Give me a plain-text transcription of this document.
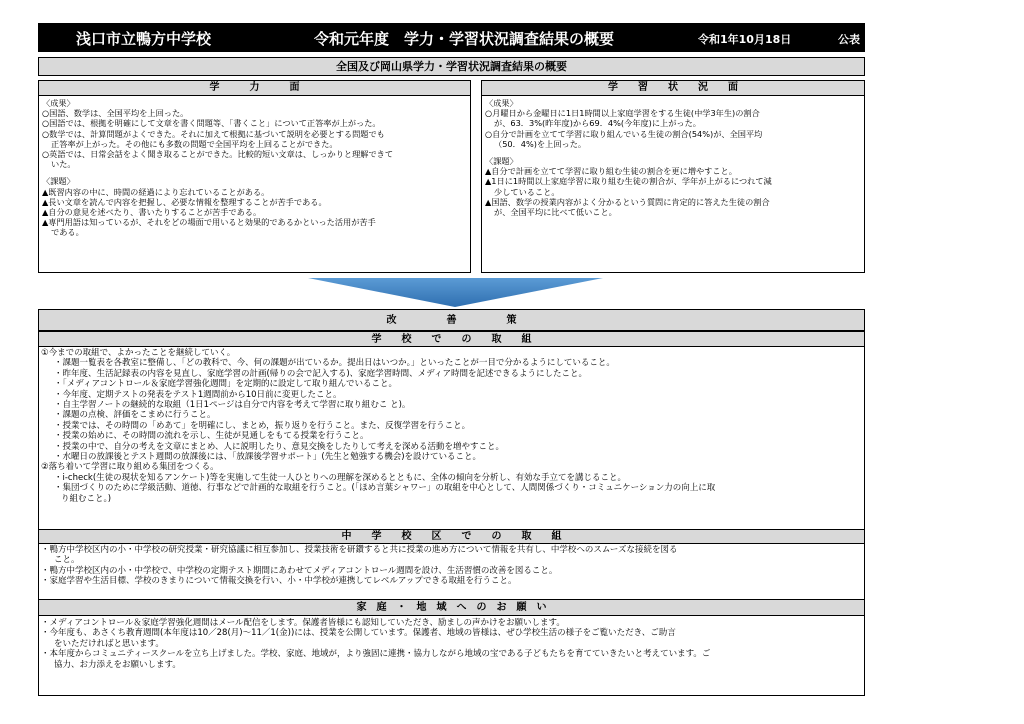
浅口市立鴨方中学校	令和元年度　学力・学習状況調査結果の概要	令和1年10月18日	公表
全国及び岡山県学力・学習状況調査結果の概要
学　　　力　　　面
〈成果〉
○国語、数学は、全国平均を上回った。
○国語では、根拠を明確にして文章を書く問題等、「書くこと」について正答率が上がった。
○数学では、計算問題がよくできた。それに加えて根拠に基づいて説明を必要とする問題でも
正答率が上がった。その他にも多数の問題で全国平均を上回ることができた。
○英語では、日常会話をよく聞き取ることができた。比較的短い文章は、しっかりと理解できて
いた。
〈課題〉
▲既習内容の中に、時間の経過により忘れていることがある。
▲長い文章を読んで内容を把握し、必要な情報を整理することが苦手である。
▲自分の意見を述べたり、書いたりすることが苦手である。
▲専門用語は知っているが、それをどの場面で用いると効果的であるかといった活用が苦手
である。
学　　習　　状　　況　　面
〈成果〉
○月曜日から金曜日に1日1時間以上家庭学習をする生徒(中学3年生)の割合
が、63．3%(昨年度)から69．4%(今年度)に上がった。
○自分で計画を立てて学習に取り組んでいる生徒の割合(54%)が、全国平均
（50．4%)を上回った。
〈課題〉
▲自分で計画を立てて学習に取り組む生徒の割合を更に増やすこと。
▲1日に1時間以上家庭学習に取り組む生徒の割合が、学年が上がるにつれて減
少していること。
▲国語、数学の授業内容がよく分かるという質問に肯定的に答えた生徒の割合
が、全国平均に比べて低いこと。
改　　　　　善　　　　　策
学　　校　　で　　の　　取　　組
①今までの取組で、よかったことを継続していく。
・課題一覧表を各教室に整備し、「どの教科で、今、何の課題が出ているか。提出日はいつか。」といったことが一目で分かるようにしていること。
・昨年度、生活記録表の内容を見直し、家庭学習の計画(帰りの会で記入する)、家庭学習時間、メディア時間を記述できるようにしたこと。
・「メディアコントロール＆家庭学習強化週間」を定期的に設定して取り組んでいること。
・今年度、定期テストの発表をテスト1週間前から10日前に変更したこと。
・自主学習ノートの継続的な取組（1日1ページは自分で内容を考えて学習に取り組むこ と)。
・課題の点検、評価をこまめに行うこと。
・授業では、その時間の「めあて」を明確にし、まとめ，振り返りを行うこと。また、反復学習を行うこと。
・授業の始めに、その時間の流れを示し、生徒が見通しをもてる授業を行うこと。
・授業の中で、自分の考えを文章にまとめ、人に説明したり、意見交換をしたりして考えを深める活動を増やすこと。
・水曜日の放課後とテスト週間の放課後には、「放課後学習サポート」(先生と勉強する機会)を設けていること。
②落ち着いて学習に取り組める集団をつくる。
・i-check(生徒の現状を知るアンケート)等を実施して生徒一人ひとりへの理解を深めるとともに、全体の傾向を分析し、有効な手立てを講じること。
・集団づくりのために学級活動、道徳、行事などで計画的な取組を行うこと。(「ほめ言葉シャワー」の取組を中心として、人間関係づくり・コミュニケーション力の向上に取
り組むこと。)
中　　学　　校　　区　　で　　の　　取　　組
・鴨方中学校区内の小・中学校の研究授業・研究協議に相互参加し、授業技術を研鑽すると共に授業の進め方について情報を共有し、中学校へのスムーズな接続を図る
こと。
・鴨方中学校区内の小・中学校で、中学校の定期テスト期間にあわせてメディアコントロール週間を設け、生活習慣の改善を図ること。
・家庭学習や生活目標、学校のきまりについて情報交換を行い、小・中学校が連携してレベルアップできる取組を行うこと。
家　庭　・　地　域　へ　の　お　願　い
・メディアコントロール＆家庭学習強化週間はメール配信をします。保護者皆様にも認知していただき、励ましの声かけをお願いします。
・今年度も、あさくち教育週間(本年度は10／28(月)～11／1(金))には、授業を公開しています。保護者、地域の皆様は、ぜひ学校生活の様子をご覧いただき、ご助言
をいただければと思います。
・本年度からコミュニティースクールを立ち上げました。学校、家庭、地域が，より強固に連携・協力しながら地域の宝である子どもたちを育てていきたいと考えています。ご
協力、お力添えをお願いします。
